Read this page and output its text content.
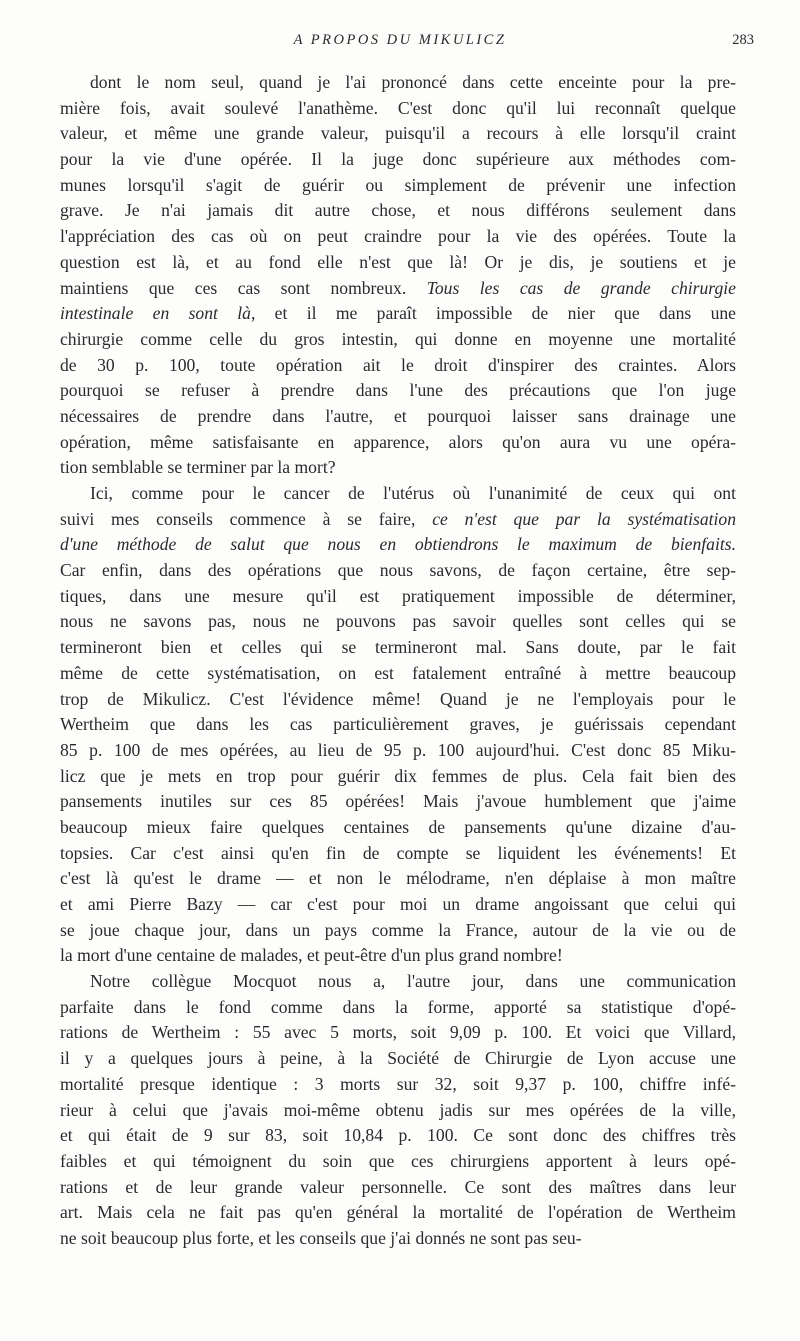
A PROPOS DU MIKULICZ	283
dont le nom seul, quand je l'ai prononcé dans cette enceinte pour la pre-
mière fois, avait soulevé l'anathème. C'est donc qu'il lui reconnaît quelque
valeur, et même une grande valeur, puisqu'il a recours à elle lorsqu'il craint
pour la vie d'une opérée. Il la juge donc supérieure aux méthodes com-
munes lorsqu'il s'agit de guérir ou simplement de prévenir une infection
grave. Je n'ai jamais dit autre chose, et nous différons seulement dans
l'appréciation des cas où on peut craindre pour la vie des opérées. Toute la
question est là, et au fond elle n'est que là! Or je dis, je soutiens et je
maintiens que ces cas sont nombreux. Tous les cas de grande chirurgie
intestinale en sont là, et il me paraît impossible de nier que dans une
chirurgie comme celle du gros intestin, qui donne en moyenne une mortalité
de 30 p. 100, toute opération ait le droit d'inspirer des craintes. Alors
pourquoi se refuser à prendre dans l'une des précautions que l'on juge
nécessaires de prendre dans l'autre, et pourquoi laisser sans drainage une
opération, même satisfaisante en apparence, alors qu'on aura vu une opéra-
tion semblable se terminer par la mort?
Ici, comme pour le cancer de l'utérus où l'unanimité de ceux qui ont
suivi mes conseils commence à se faire, ce n'est que par la systématisation
d'une méthode de salut que nous en obtiendrons le maximum de bienfaits.
Car enfin, dans des opérations que nous savons, de façon certaine, être sep-
tiques, dans une mesure qu'il est pratiquement impossible de déterminer,
nous ne savons pas, nous ne pouvons pas savoir quelles sont celles qui se
termineront bien et celles qui se termineront mal. Sans doute, par le fait
même de cette systématisation, on est fatalement entraîné à mettre beaucoup
trop de Mikulicz. C'est l'évidence même! Quand je ne l'employais pour le
Wertheim que dans les cas particulièrement graves, je guérissais cependant
85 p. 100 de mes opérées, au lieu de 95 p. 100 aujourd'hui. C'est donc 85 Miku-
licz que je mets en trop pour guérir dix femmes de plus. Cela fait bien des
pansements inutiles sur ces 85 opérées! Mais j'avoue humblement que j'aime
beaucoup mieux faire quelques centaines de pansements qu'une dizaine d'au-
topsies. Car c'est ainsi qu'en fin de compte se liquident les événements! Et
c'est là qu'est le drame — et non le mélodrame, n'en déplaise à mon maître
et ami Pierre Bazy — car c'est pour moi un drame angoissant que celui qui
se joue chaque jour, dans un pays comme la France, autour de la vie ou de
la mort d'une centaine de malades, et peut-être d'un plus grand nombre!
Notre collègue Mocquot nous a, l'autre jour, dans une communication
parfaite dans le fond comme dans la forme, apporté sa statistique d'opé-
rations de Wertheim : 55 avec 5 morts, soit 9,09 p. 100. Et voici que Villard,
il y a quelques jours à peine, à la Société de Chirurgie de Lyon accuse une
mortalité presque identique : 3 morts sur 32, soit 9,37 p. 100, chiffre infé-
rieur à celui que j'avais moi-même obtenu jadis sur mes opérées de la ville,
et qui était de 9 sur 83, soit 10,84 p. 100. Ce sont donc des chiffres très
faibles et qui témoignent du soin que ces chirurgiens apportent à leurs opé-
rations et de leur grande valeur personnelle. Ce sont des maîtres dans leur
art. Mais cela ne fait pas qu'en général la mortalité de l'opération de Wertheim
ne soit beaucoup plus forte, et les conseils que j'ai donnés ne sont pas seu-
